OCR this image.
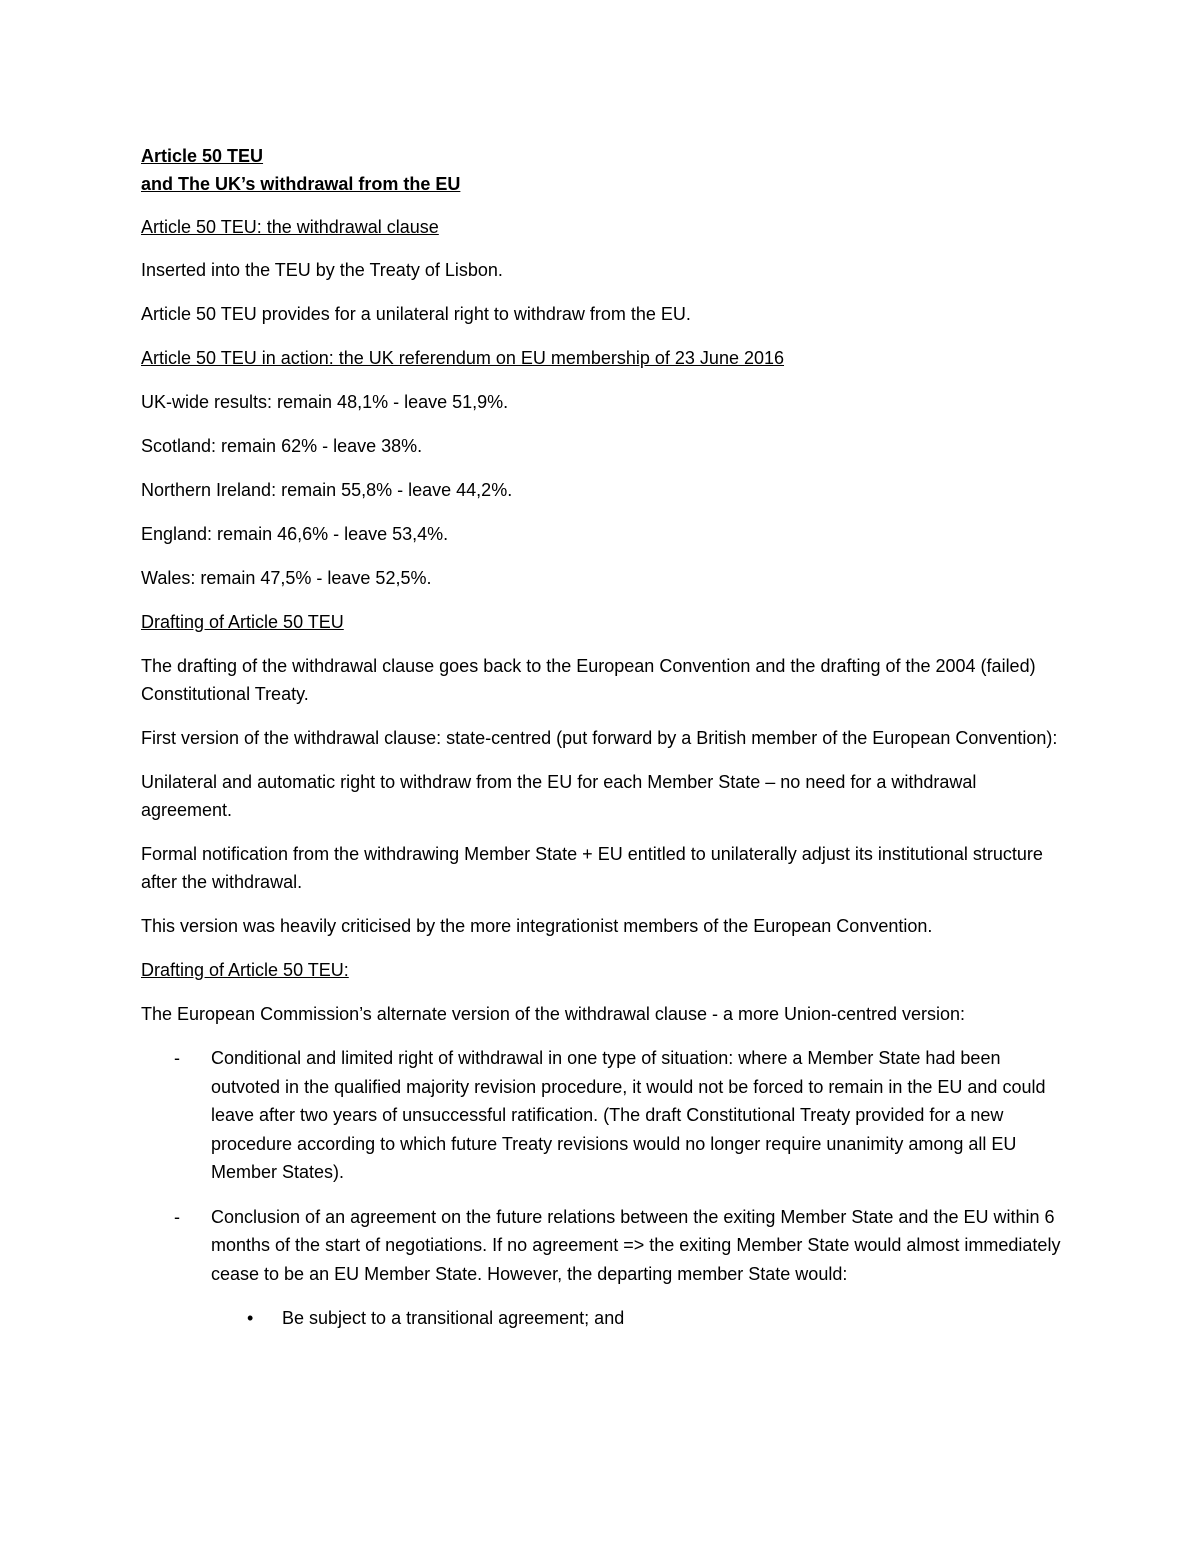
Article 50 TEU

and The UK’s withdrawal from the EU

Article 50 TEU: the withdrawal clause

Inserted into the TEU by the Treaty of Lisbon.

Article 50 TEU provides for a unilateral right to withdraw from the EU.

Article 50 TEU in action: the UK referendum on EU membership of 23 June 2016

UK-wide results: remain 48,1% - leave 51,9%.

Scotland: remain 62% - leave 38%.

Northern Ireland: remain 55,8% - leave 44,2%.

England: remain 46,6% - leave 53,4%.

Wales: remain 47,5% - leave 52,5%.

Drafting of Article 50 TEU

The drafting of the withdrawal clause goes back to the European Convention and the drafting of the 2004 (failed) Constitutional Treaty.

First version of the withdrawal clause: state-centred (put forward by a British member of the European Convention):

Unilateral and automatic right to withdraw from the EU for each Member State – no need for a withdrawal agreement.

Formal notification from the withdrawing Member State + EU entitled to unilaterally adjust its institutional structure after the withdrawal.

This version was heavily criticised by the more integrationist members of the European Convention.

Drafting of Article 50 TEU:

The European Commission’s alternate version of the withdrawal clause - a more Union-centred version:

- Conditional and limited right of withdrawal in one type of situation: where a Member State had been outvoted in the qualified majority revision procedure, it would not be forced to remain in the EU and could leave after two years of unsuccessful ratification. (The draft Constitutional Treaty provided for a new procedure according to which future Treaty revisions would no longer require unanimity among all EU Member States).
- Conclusion of an agreement on the future relations between the exiting Member State and the EU within 6 months of the start of negotiations. If no agreement => the exiting Member State would almost immediately cease to be an EU Member State. However, the departing member State would:
• Be subject to a transitional agreement; and
